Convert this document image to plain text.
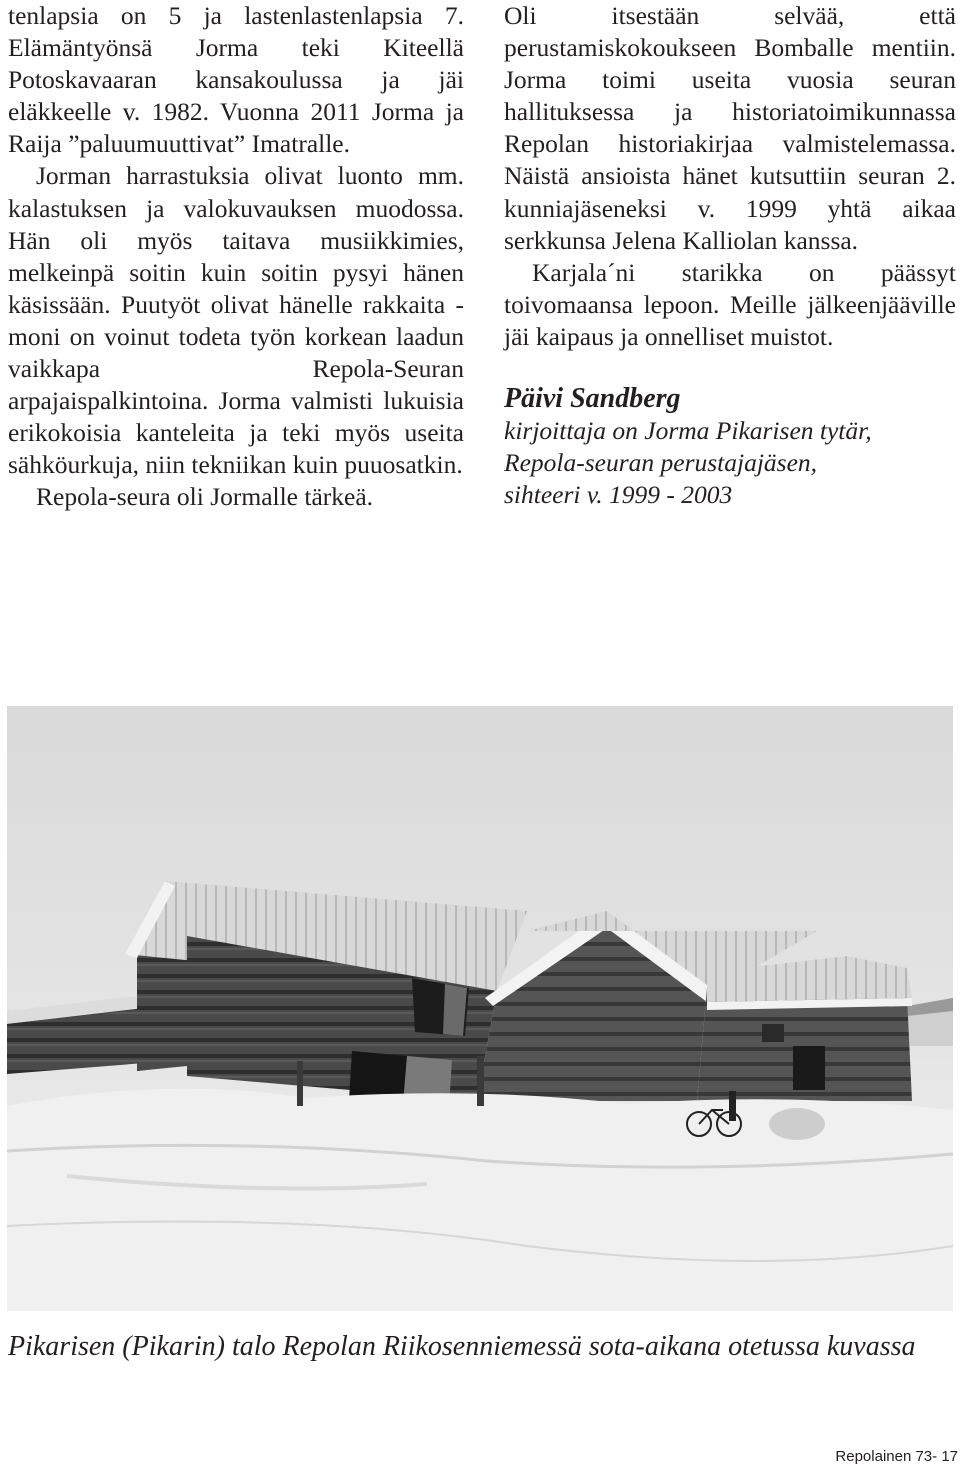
tenlapsia on 5 ja lastenlastenlapsia 7. Elämäntyönsä Jorma teki Kiteellä Potoskavaaran kansakoulussa ja jäi eläkkeelle v. 1982. Vuonna 2011 Jorma ja Raija ”paluumuuttivat” Imatralle.

Jorman harrastuksia olivat luonto mm. kalastuksen ja valokuvauksen muodossa. Hän oli myös taitava musiikkimies, melkeinpä soitin kuin soitin pysyi hänen käsissään. Puutyöt olivat hänelle rakkaita - moni on voinut todeta työn korkean laadun vaikkapa Repola-Seuran arpajaispalkintoina. Jorma valmisti lukuisia erikokoisia kanteleita ja teki myös useita sähköurkuja, niin tekniikan kuin puuosatkin.

Repola-seura oli Jormalle tärkeä.

Oli itsestään selvää, että perustamiskokoukseen Bomballe mentiin. Jorma toimi useita vuosia seuran hallituksessa ja historiatoimikunnassa Repolan historiakirjaa valmistelemassa. Näistä ansioista hänet kutsuttiin seuran 2. kunniajäseneksi v. 1999 yhtä aikaa serkkunsa Jelena Kalliolan kanssa.

Karjala´ni starikka on päässyt toivomaansa lepoon. Meille jälkeenjääville jäi kaipaus ja onnelliset muistot.

Päivi Sandberg

kirjoittaja on Jorma Pikarisen tytär,

Repola-seuran perustajajäsen,

sihteeri v. 1999 - 2003

Pikarisen (Pikarin) talo Repolan Riikosenniemessä sota-aikana otetussa kuvassa
Repolainen 73- 17
